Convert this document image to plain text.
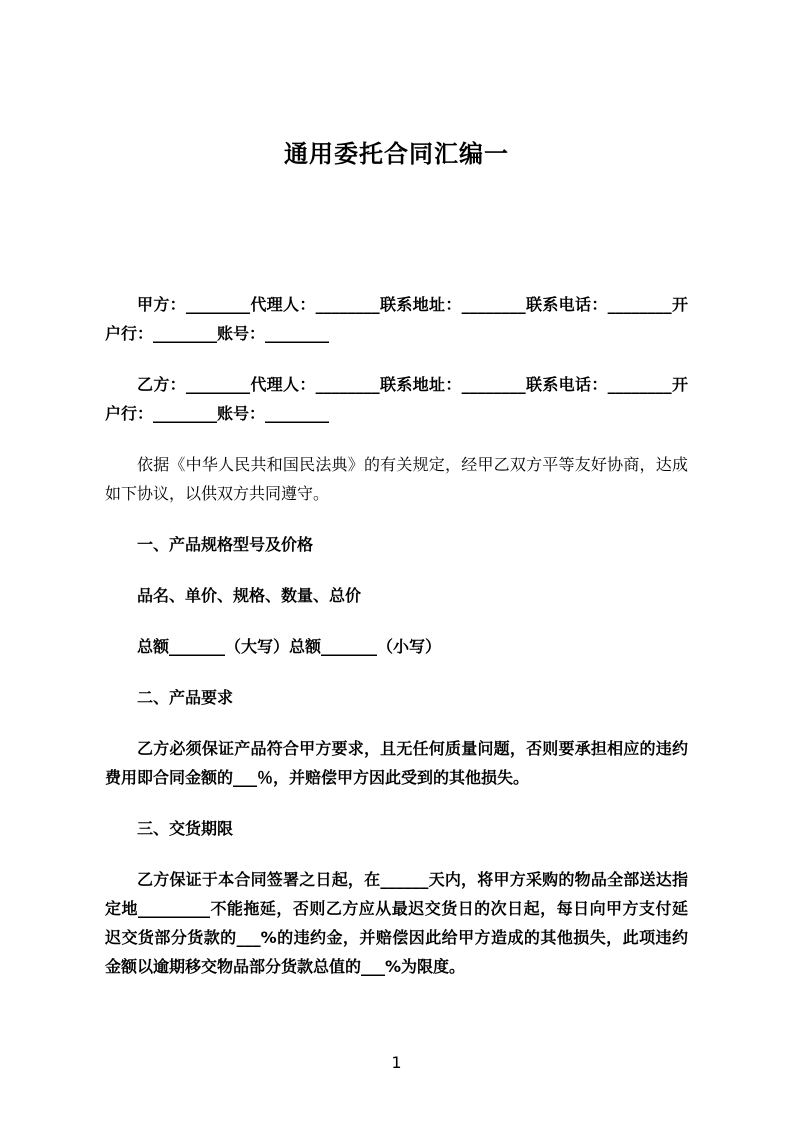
通用委托合同汇编一

甲方：________代理人：________联系地址：________联系电话：________开户行：________账号：________

乙方：________代理人：________联系地址：________联系电话：________开户行：________账号：________

依据《中华人民共和国民法典》的有关规定，经甲乙双方平等友好协商，达成如下协议，以供双方共同遵守。

一、产品规格型号及价格

品名、单价、规格、数量、总价

总额_______（大写）总额_______（小写）

二、产品要求

乙方必须保证产品符合甲方要求，且无任何质量问题，否则要承担相应的违约费用即合同金额的___％，并赔偿甲方因此受到的其他损失。

三、交货期限

乙方保证于本合同签署之日起，在______天内，将甲方采购的物品全部送达指定地_________不能拖延，否则乙方应从最迟交货日的次日起，每日向甲方支付延迟交货部分货款的___%的违约金，并赔偿因此给甲方造成的其他损失，此项违约金额以逾期移交物品部分货款总值的___%为限度。

1
